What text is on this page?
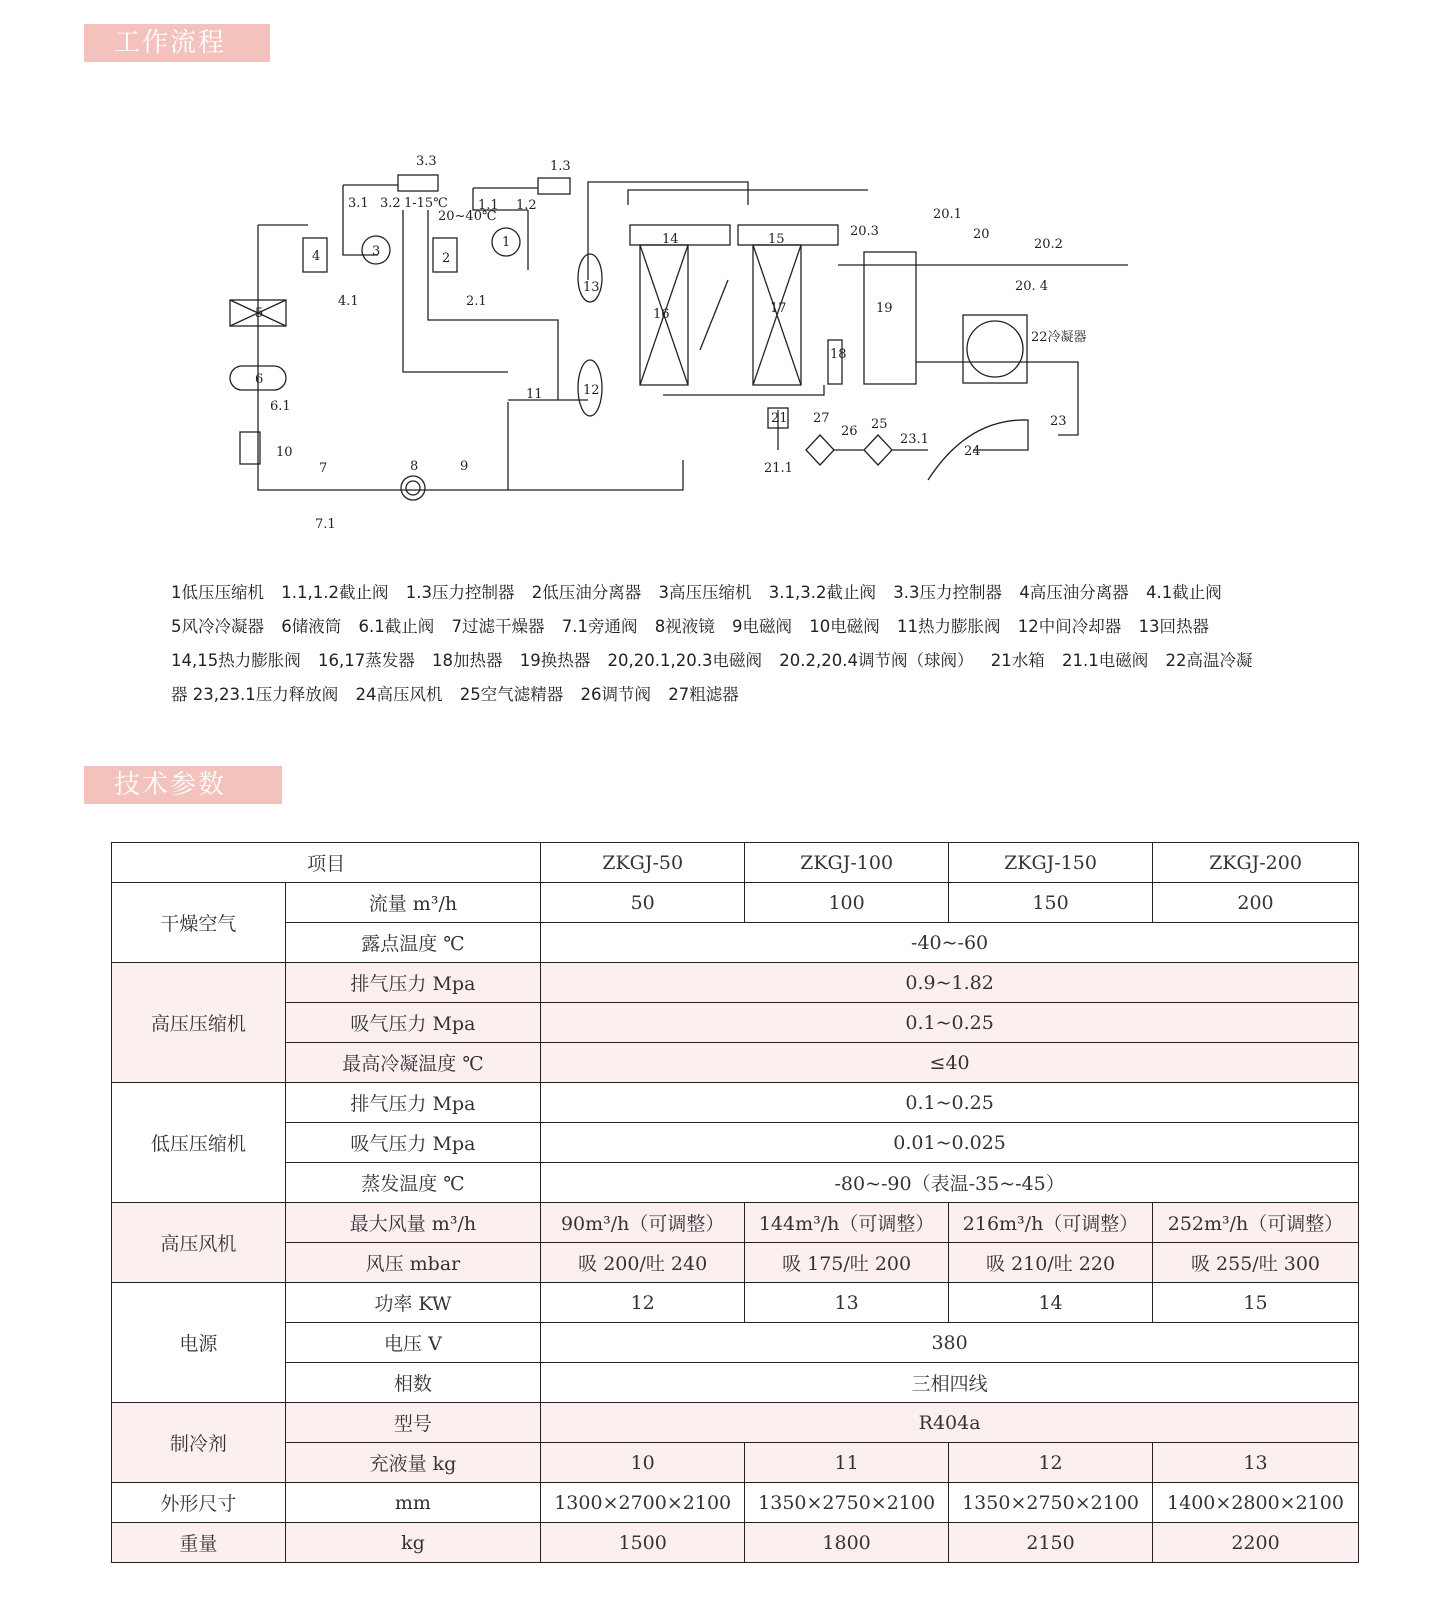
工作流程
3.3	1.3
3.1 3.2 1-15℃
20~40℃
1.1 1.2
4	3	2
1
4.1	2.1
5
6
6.1
10
7
7.1
8	9
11	12
13
14	15
16	17
18
19
20.3
20.1
20
20.2
20. 4
22冷凝器
21
21.1
27
26 25
23.1
24
23
1低压压缩机 1.1,1.2截止阀 1.3压力控制器 2低压油分离器 3高压压缩机 3.1,3.2截止阀 3.3压力控制器 4高压油分离器 4.1截止阀 5风冷冷凝器 6储液筒 6.1截止阀 7过滤干燥器 7.1旁通阀 8视液镜 9电磁阀 10电磁阀 11热力膨胀阀 12中间冷却器 13回热器 14,15热力膨胀阀 16,17蒸发器 18加热器 19换热器 20,20.1,20.3电磁阀 20.2,20.4调节阀（球阀） 21水箱 21.1电磁阀 22高温冷凝 器 23,23.1压力释放阀 24高压风机 25空气滤精器 26调节阀 27粗滤器
技术参数
项目		ZKGJ-50	ZKGJ-100	ZKGJ-150	ZKGJ-200
干燥空气	流量 m³/h	50	100	150	200
	露点温度 ℃	-40~-60			
高压压缩机	排气压力 Mpa	0.9~1.82			
	吸气压力 Mpa	0.1~0.25			
	最高冷凝温度 ℃	≤40			
低压压缩机	排气压力 Mpa	0.1~0.25			
	吸气压力 Mpa	0.01~0.025			
	蒸发温度 ℃	-80~-90（表温-35~-45）			
高压风机	最大风量 m³/h	90m³/h（可调整）	144m³/h（可调整）	216m³/h（可调整）	252m³/h（可调整）
	风压 mbar	吸 200/吐 240	吸 175/吐 200	吸 210/吐 220	吸 255/吐 300
电源	功率 KW	12	13	14	15
	电压 V	380			
	相数	三相四线			
制冷剂	型号	R404a			
	充液量 kg	10	11	12	13
外形尺寸	mm	1300×2700×2100	1350×2750×2100	1350×2750×2100	1400×2800×2100
重量	kg	1500	1800	2150	2200
